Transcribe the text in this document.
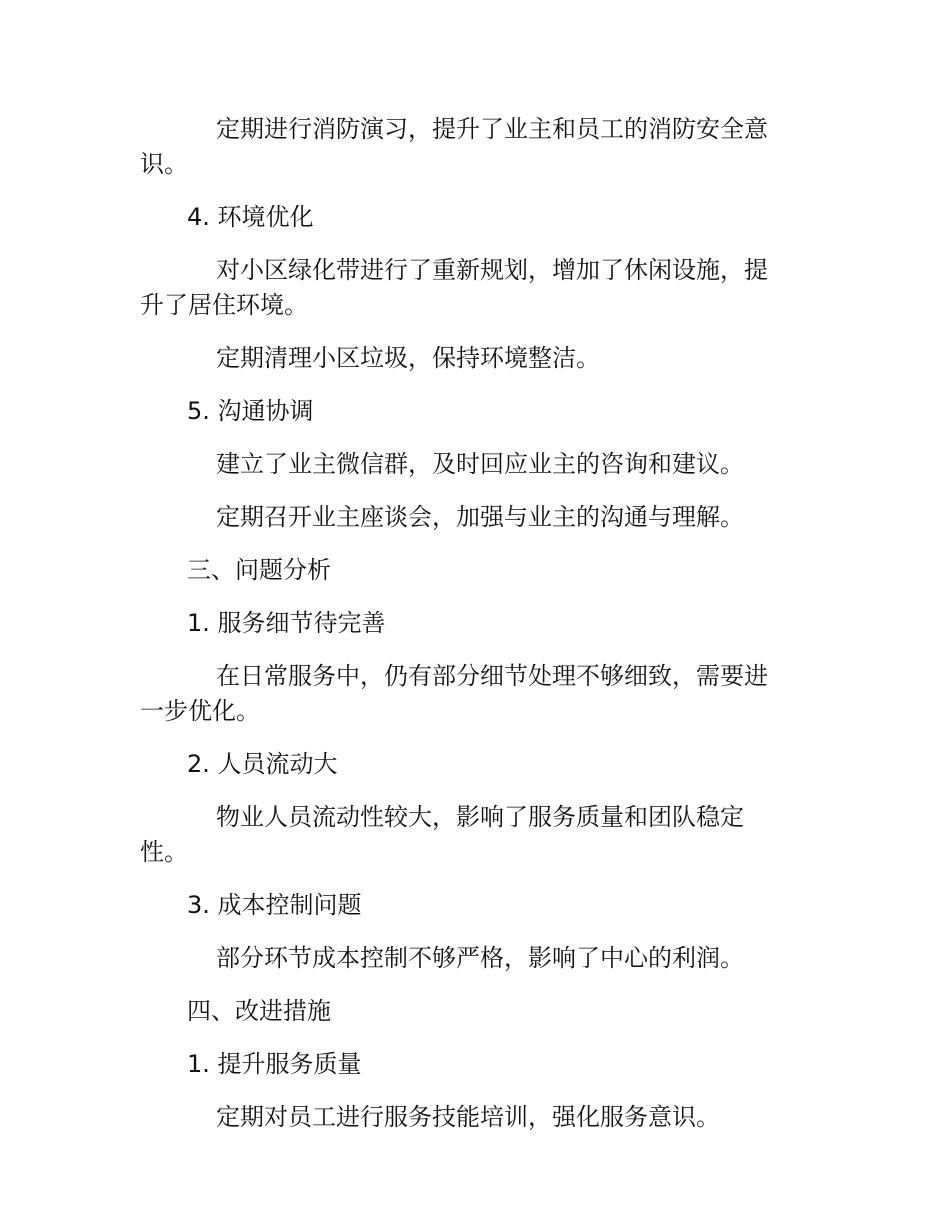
定期进行消防演习，提升了业主和员工的消防安全意识。

4. 环境优化

对小区绿化带进行了重新规划，增加了休闲设施，提升了居住环境。

定期清理小区垃圾，保持环境整洁。

5. 沟通协调

建立了业主微信群，及时回应业主的咨询和建议。

定期召开业主座谈会，加强与业主的沟通与理解。

三、问题分析

1. 服务细节待完善

在日常服务中，仍有部分细节处理不够细致，需要进一步优化。

2. 人员流动大

物业人员流动性较大，影响了服务质量和团队稳定性。

3. 成本控制问题

部分环节成本控制不够严格，影响了中心的利润。

四、改进措施

1. 提升服务质量

定期对员工进行服务技能培训，强化服务意识。
